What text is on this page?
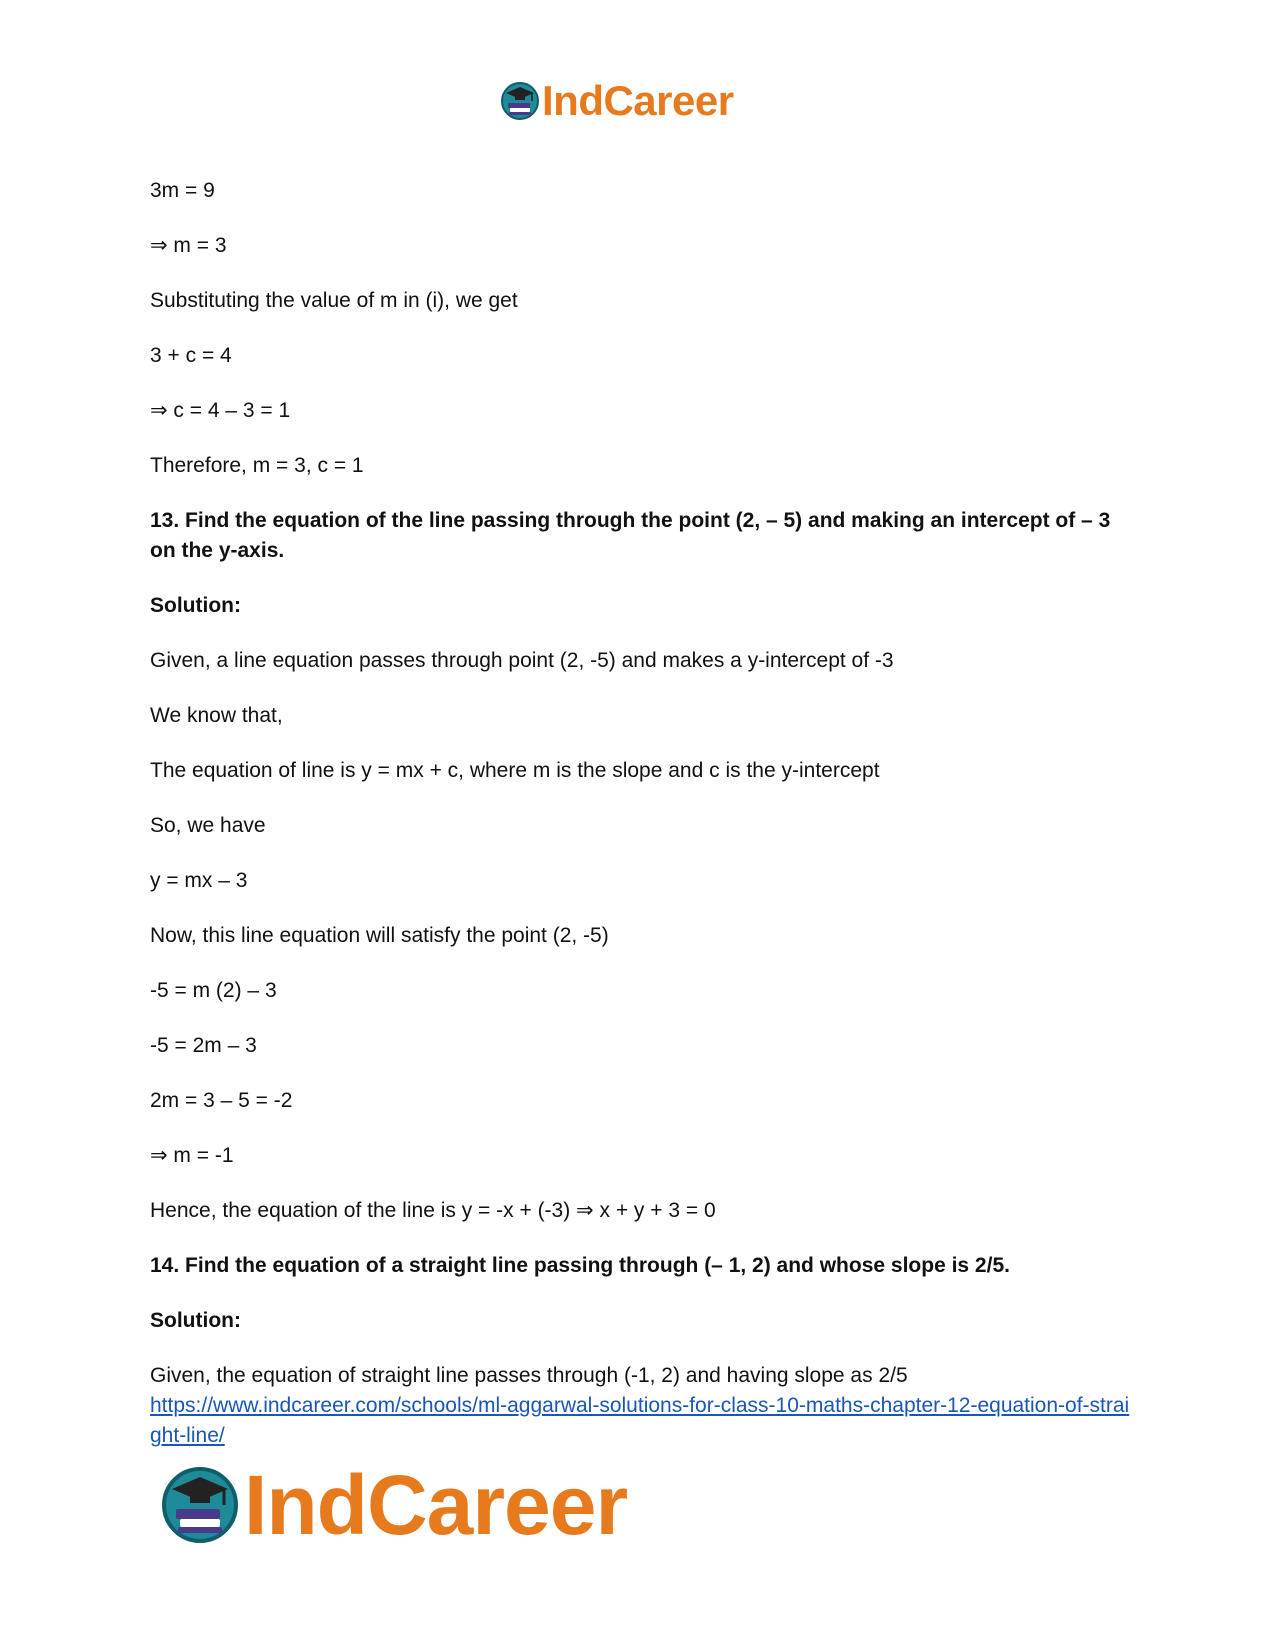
IndCareer

3m = 9

⇒ m = 3

Substituting the value of m in (i), we get

3 + c = 4

⇒ c = 4 – 3 = 1

Therefore, m = 3, c = 1

13. Find the equation of the line passing through the point (2, – 5) and making an intercept of – 3 on the y-axis.

Solution:

Given, a line equation passes through point (2, -5) and makes a y-intercept of -3

We know that,

The equation of line is y = mx + c, where m is the slope and c is the y-intercept

So, we have

y = mx – 3

Now, this line equation will satisfy the point (2, -5)

-5 = m (2) – 3

-5 = 2m – 3

2m = 3 – 5 = -2

⇒ m = -1

Hence, the equation of the line is y = -x + (-3) ⇒ x + y + 3 = 0

14. Find the equation of a straight line passing through (– 1, 2) and whose slope is 2/5.

Solution:

Given, the equation of straight line passes through (-1, 2) and having slope as 2/5

https://www.indcareer.com/schools/ml-aggarwal-solutions-for-class-10-maths-chapter-12-equation-of-straight-line/
IndCareer
